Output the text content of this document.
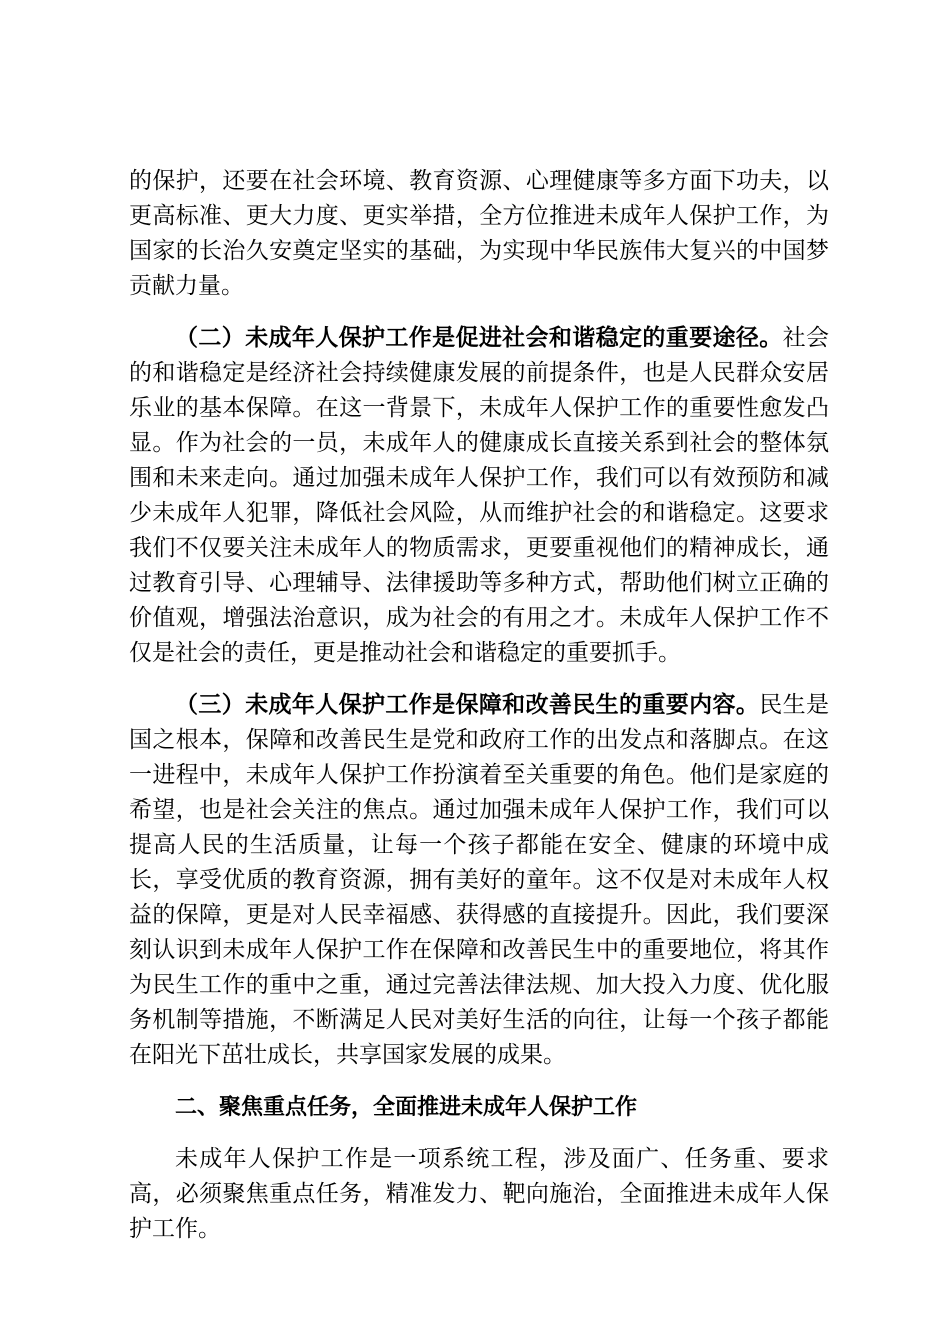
的保护，还要在社会环境、教育资源、心理健康等多方面下功夫，以更高标准、更大力度、更实举措，全方位推进未成年人保护工作，为国家的长治久安奠定坚实的基础，为实现中华民族伟大复兴的中国梦贡献力量。

（二）未成年人保护工作是促进社会和谐稳定的重要途径。社会的和谐稳定是经济社会持续健康发展的前提条件，也是人民群众安居乐业的基本保障。在这一背景下，未成年人保护工作的重要性愈发凸显。作为社会的一员，未成年人的健康成长直接关系到社会的整体氛围和未来走向。通过加强未成年人保护工作，我们可以有效预防和减少未成年人犯罪，降低社会风险，从而维护社会的和谐稳定。这要求我们不仅要关注未成年人的物质需求，更要重视他们的精神成长，通过教育引导、心理辅导、法律援助等多种方式，帮助他们树立正确的价值观，增强法治意识，成为社会的有用之才。未成年人保护工作不仅是社会的责任，更是推动社会和谐稳定的重要抓手。

（三）未成年人保护工作是保障和改善民生的重要内容。民生是国之根本，保障和改善民生是党和政府工作的出发点和落脚点。在这一进程中，未成年人保护工作扮演着至关重要的角色。他们是家庭的希望，也是社会关注的焦点。通过加强未成年人保护工作，我们可以提高人民的生活质量，让每一个孩子都能在安全、健康的环境中成长，享受优质的教育资源，拥有美好的童年。这不仅是对未成年人权益的保障，更是对人民幸福感、获得感的直接提升。因此，我们要深刻认识到未成年人保护工作在保障和改善民生中的重要地位，将其作为民生工作的重中之重，通过完善法律法规、加大投入力度、优化服务机制等措施，不断满足人民对美好生活的向往，让每一个孩子都能在阳光下茁壮成长，共享国家发展的成果。

二、聚焦重点任务，全面推进未成年人保护工作

未成年人保护工作是一项系统工程，涉及面广、任务重、要求高，必须聚焦重点任务，精准发力、靶向施治，全面推进未成年人保护工作。
